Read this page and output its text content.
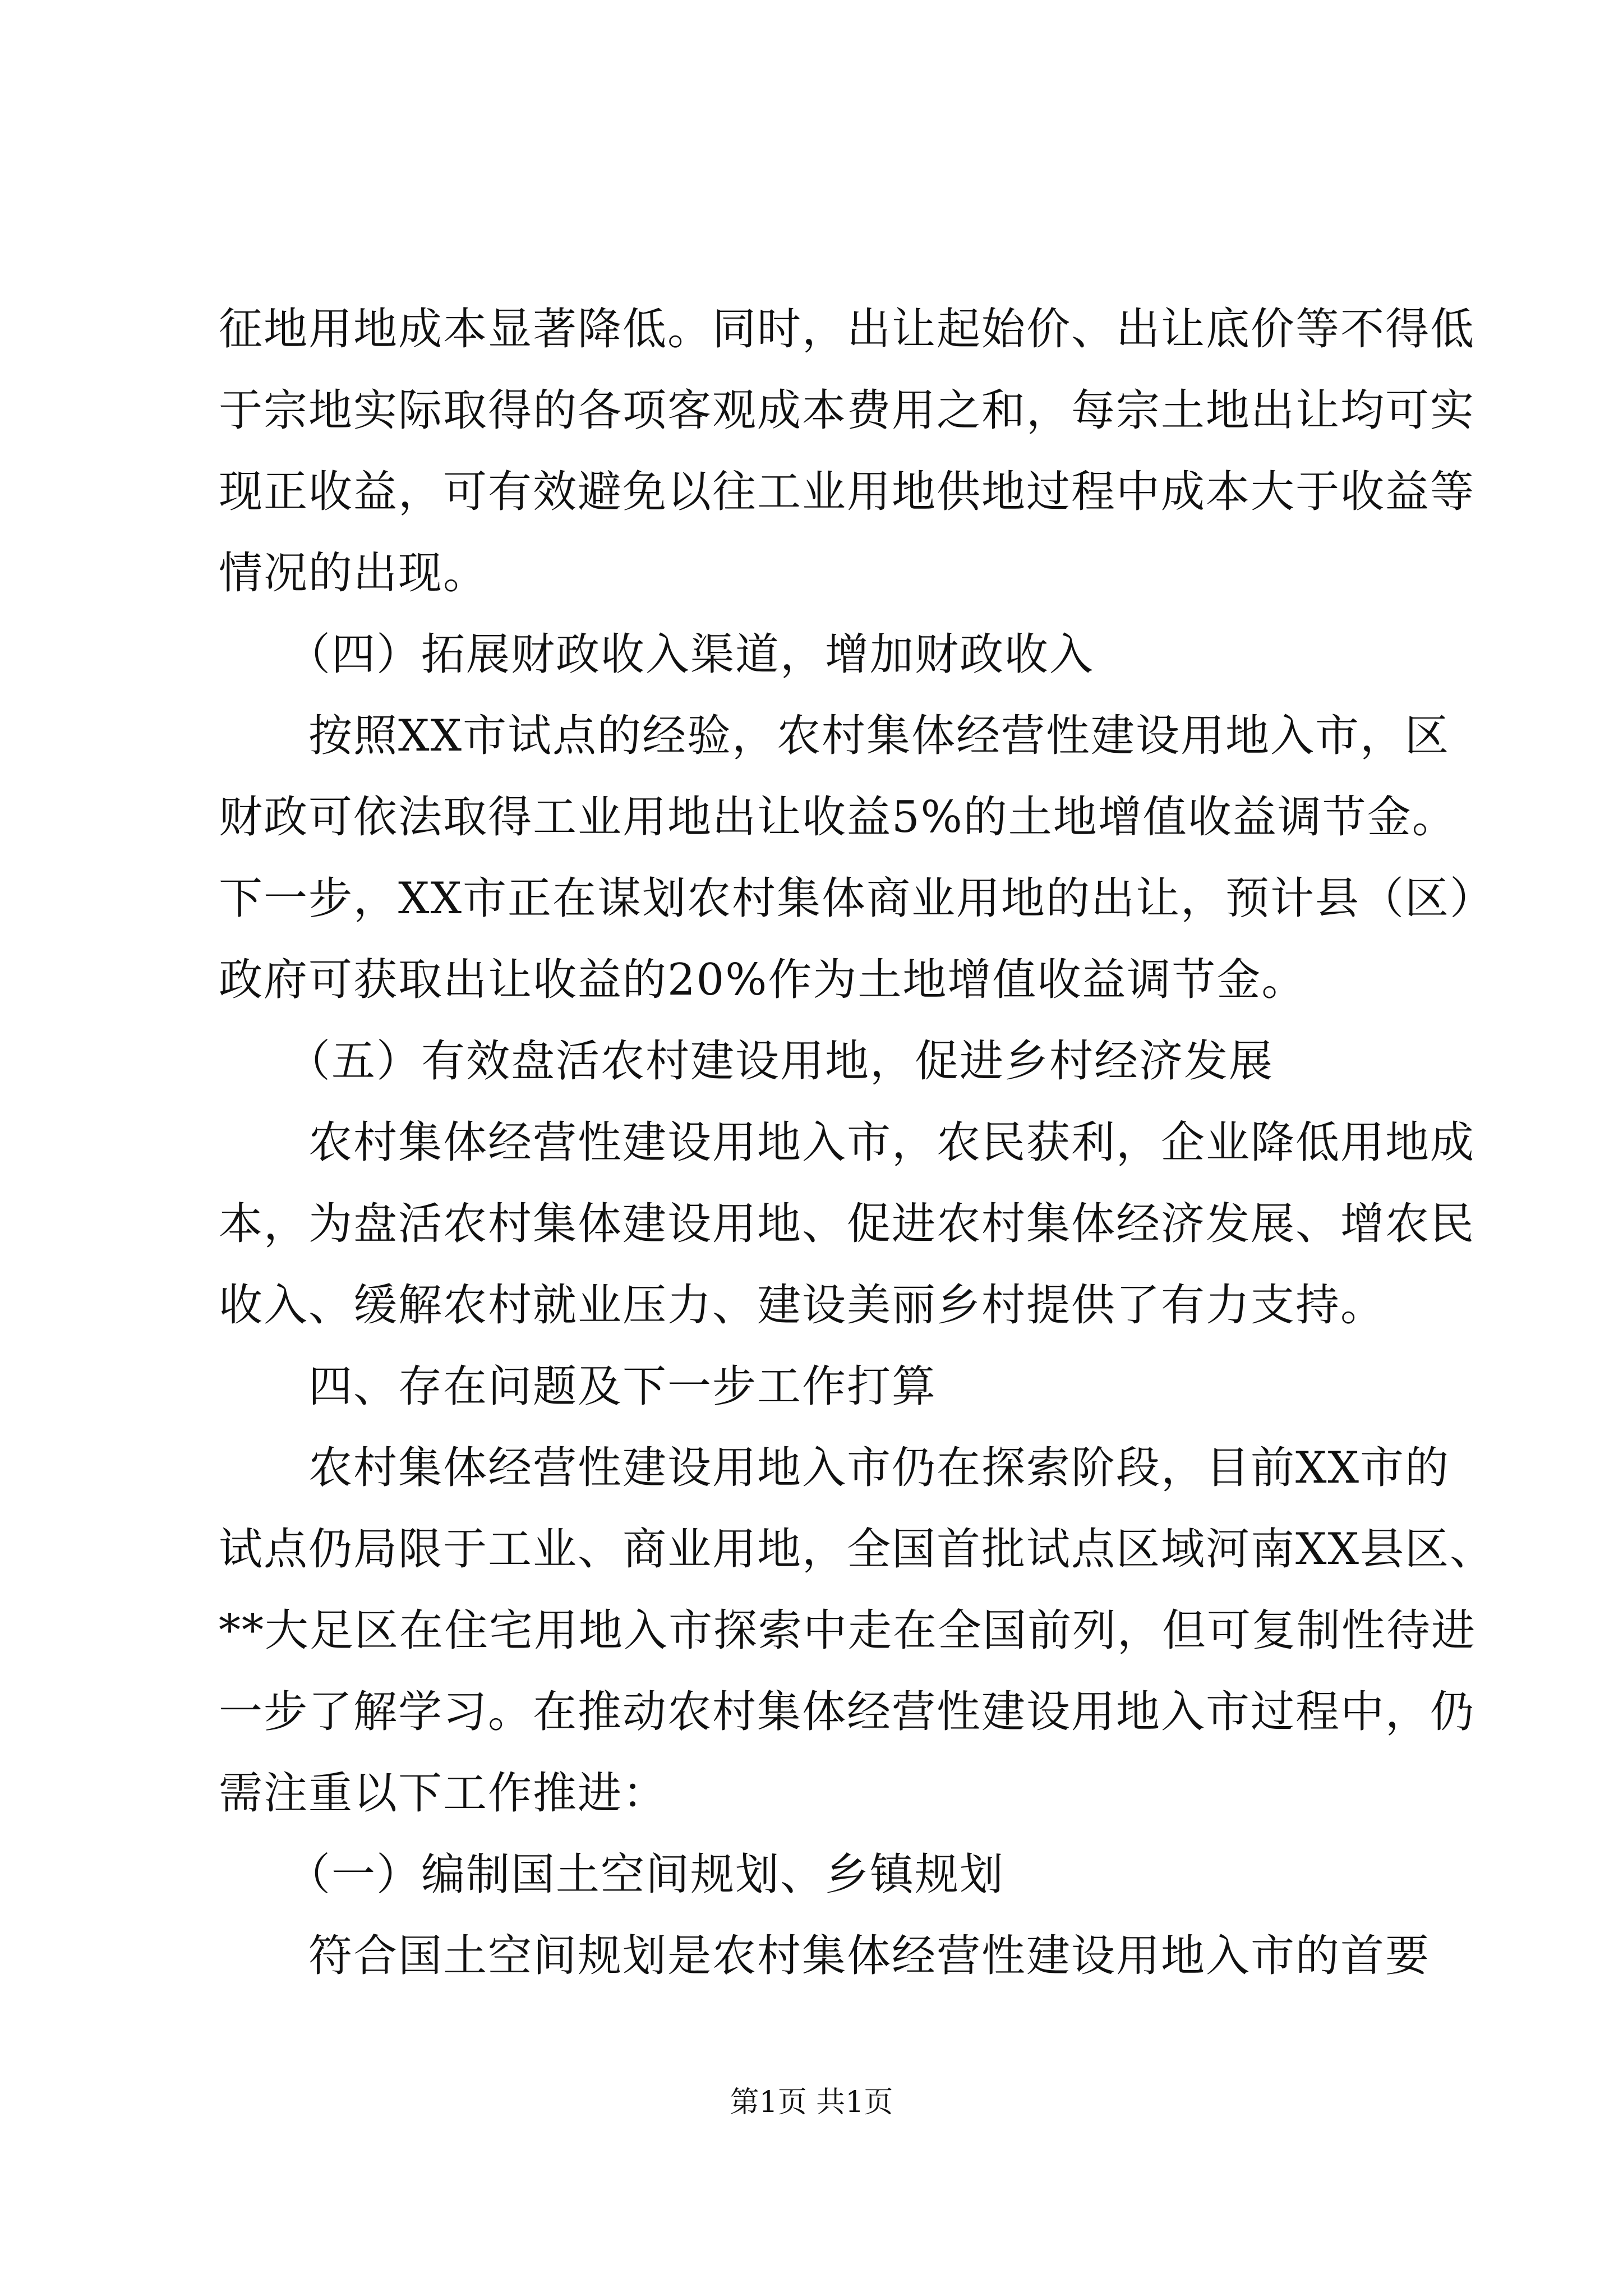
征地用地成本显著降低。同时，出让起始价、出让底价等不得低
于宗地实际取得的各项客观成本费用之和，每宗土地出让均可实
现正收益，可有效避免以往工业用地供地过程中成本大于收益等
情况的出现。
　　（四）拓展财政收入渠道，增加财政收入
　　按照XX市试点的经验，农村集体经营性建设用地入市，区
财政可依法取得工业用地出让收益5%的土地增值收益调节金。
下一步，XX市正在谋划农村集体商业用地的出让，预计县（区）
政府可获取出让收益的20%作为土地增值收益调节金。
　　（五）有效盘活农村建设用地，促进乡村经济发展
　　农村集体经营性建设用地入市，农民获利，企业降低用地成
本，为盘活农村集体建设用地、促进农村集体经济发展、增农民
收入、缓解农村就业压力、建设美丽乡村提供了有力支持。
　　四、存在问题及下一步工作打算
　　农村集体经营性建设用地入市仍在探索阶段，目前XX市的
试点仍局限于工业、商业用地，全国首批试点区域河南XX县区、
**大足区在住宅用地入市探索中走在全国前列，但可复制性待进
一步了解学习。在推动农村集体经营性建设用地入市过程中，仍
需注重以下工作推进：
　　（一）编制国土空间规划、乡镇规划
　　符合国土空间规划是农村集体经营性建设用地入市的首要
第1页 共1页
